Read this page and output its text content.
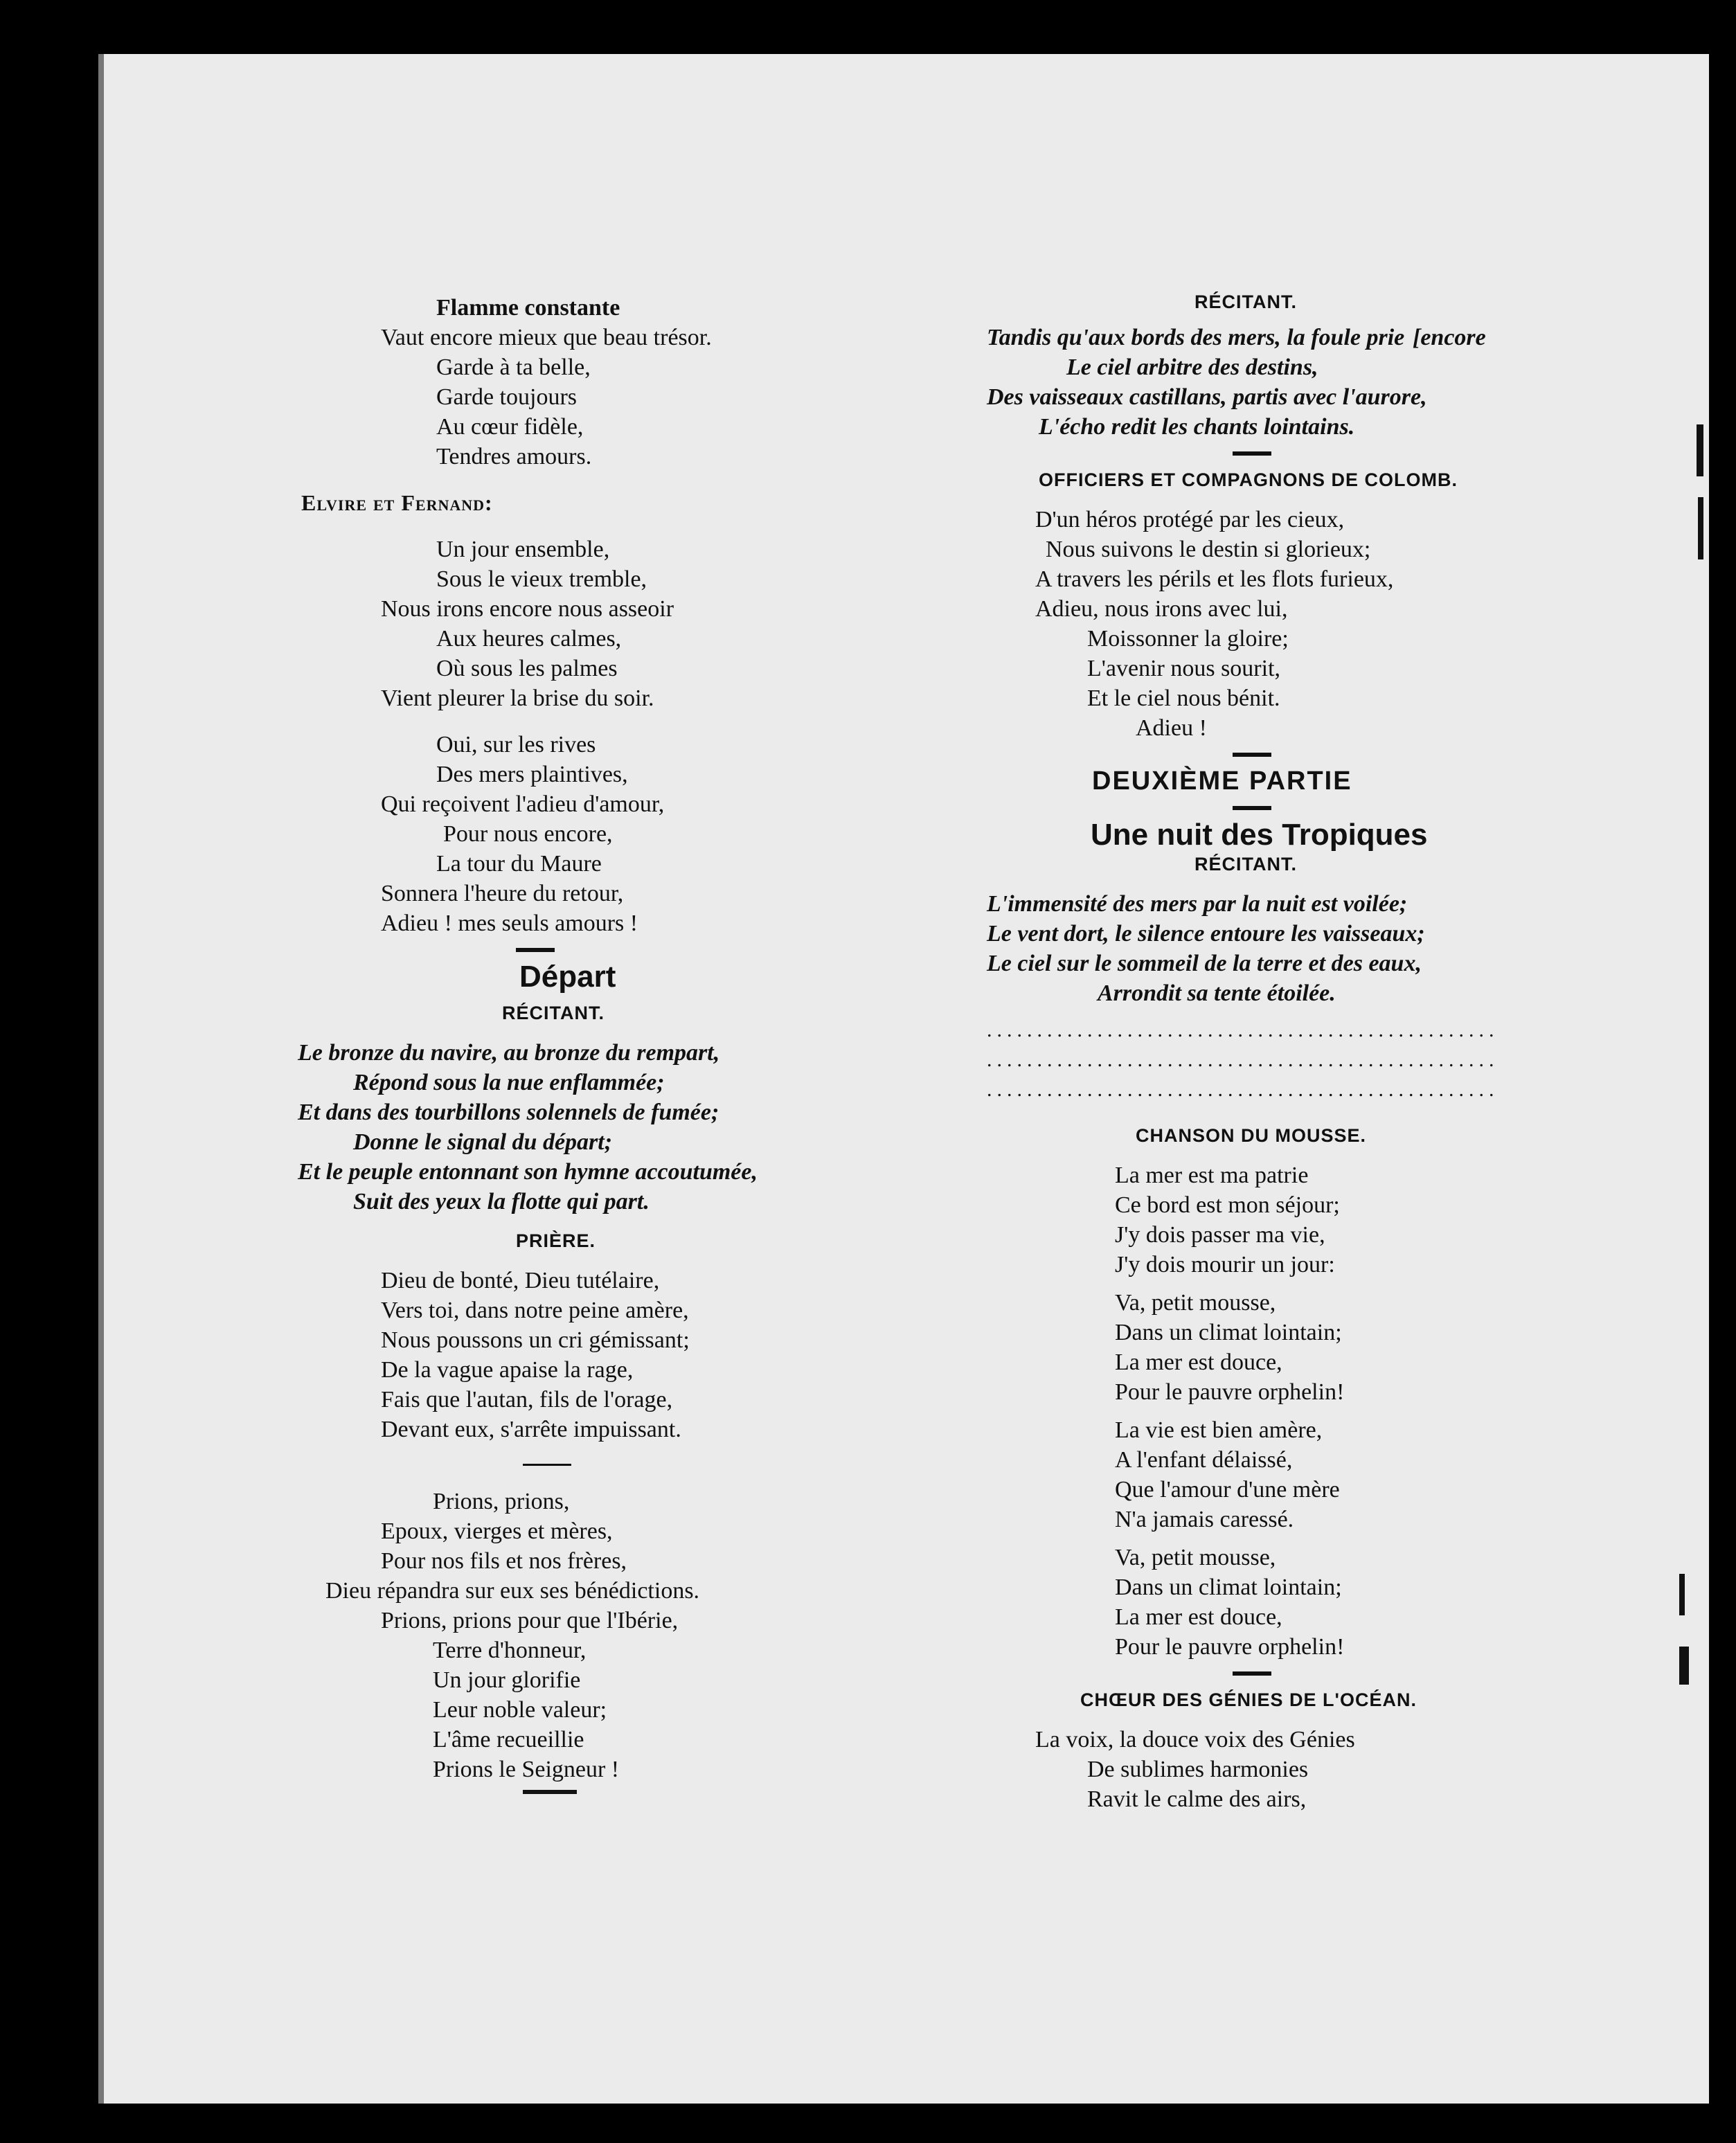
Flamme constante
Vaut encore mieux que beau trésor.
Garde à ta belle,
Garde toujours
Au cœur fidèle,
Tendres amours.
Elvire et Fernand:
Un jour ensemble,
Sous le vieux tremble,
Nous irons encore nous asseoir
Aux heures calmes,
Où sous les palmes
Vient pleurer la brise du soir.
Oui, sur les rives
Des mers plaintives,
Qui reçoivent l'adieu d'amour,
Pour nous encore,
La tour du Maure
Sonnera l'heure du retour,
Adieu ! mes seuls amours !
Départ
RÉCITANT.
Le bronze du navire, au bronze du rempart,
Répond sous la nue enflammée;
Et dans des tourbillons solennels de fumée;
Donne le signal du départ;
Et le peuple entonnant son hymne accoutumée,
Suit des yeux la flotte qui part.
PRIÈRE.
Dieu de bonté, Dieu tutélaire,
Vers toi, dans notre peine amère,
Nous poussons un cri gémissant;
De la vague apaise la rage,
Fais que l'autan, fils de l'orage,
Devant eux, s'arrête impuissant.
Prions, prions,
Epoux, vierges et mères,
Pour nos fils et nos frères,
Dieu répandra sur eux ses bénédictions.
Prions, prions pour que l'Ibérie,
Terre d'honneur,
Un jour glorifie
Leur noble valeur;
L'âme recueillie
Prions le Seigneur !
RÉCITANT.
Tandis qu'aux bords des mers, la foule prie
Le ciel arbitre des destins,
[encore
Des vaisseaux castillans, partis avec l'aurore,
L'écho redit les chants lointains.
OFFICIERS ET COMPAGNONS DE COLOMB.
D'un héros protégé par les cieux,
Nous suivons le destin si glorieux;
A travers les périls et les flots furieux,
Adieu, nous irons avec lui,
Moissonner la gloire;
L'avenir nous sourit,
Et le ciel nous bénit.
Adieu !
DEUXIÈME PARTIE
Une nuit des Tropiques
RÉCITANT.
L'immensité des mers par la nuit est voilée;
Le vent dort, le silence entoure les vaisseaux;
Le ciel sur le sommeil de la terre et des eaux,
Arrondit sa tente étoilée.
...................................................
...................................................
...................................................
CHANSON DU MOUSSE.
La mer est ma patrie
Ce bord est mon séjour;
J'y dois passer ma vie,
J'y dois mourir un jour:
Va, petit mousse,
Dans un climat lointain;
La mer est douce,
Pour le pauvre orphelin!
La vie est bien amère,
A l'enfant délaissé,
Que l'amour d'une mère
N'a jamais caressé.
Va, petit mousse,
Dans un climat lointain;
La mer est douce,
Pour le pauvre orphelin!
CHŒUR DES GÉNIES DE L'OCÉAN.
La voix, la douce voix des Génies
De sublimes harmonies
Ravit le calme des airs,
